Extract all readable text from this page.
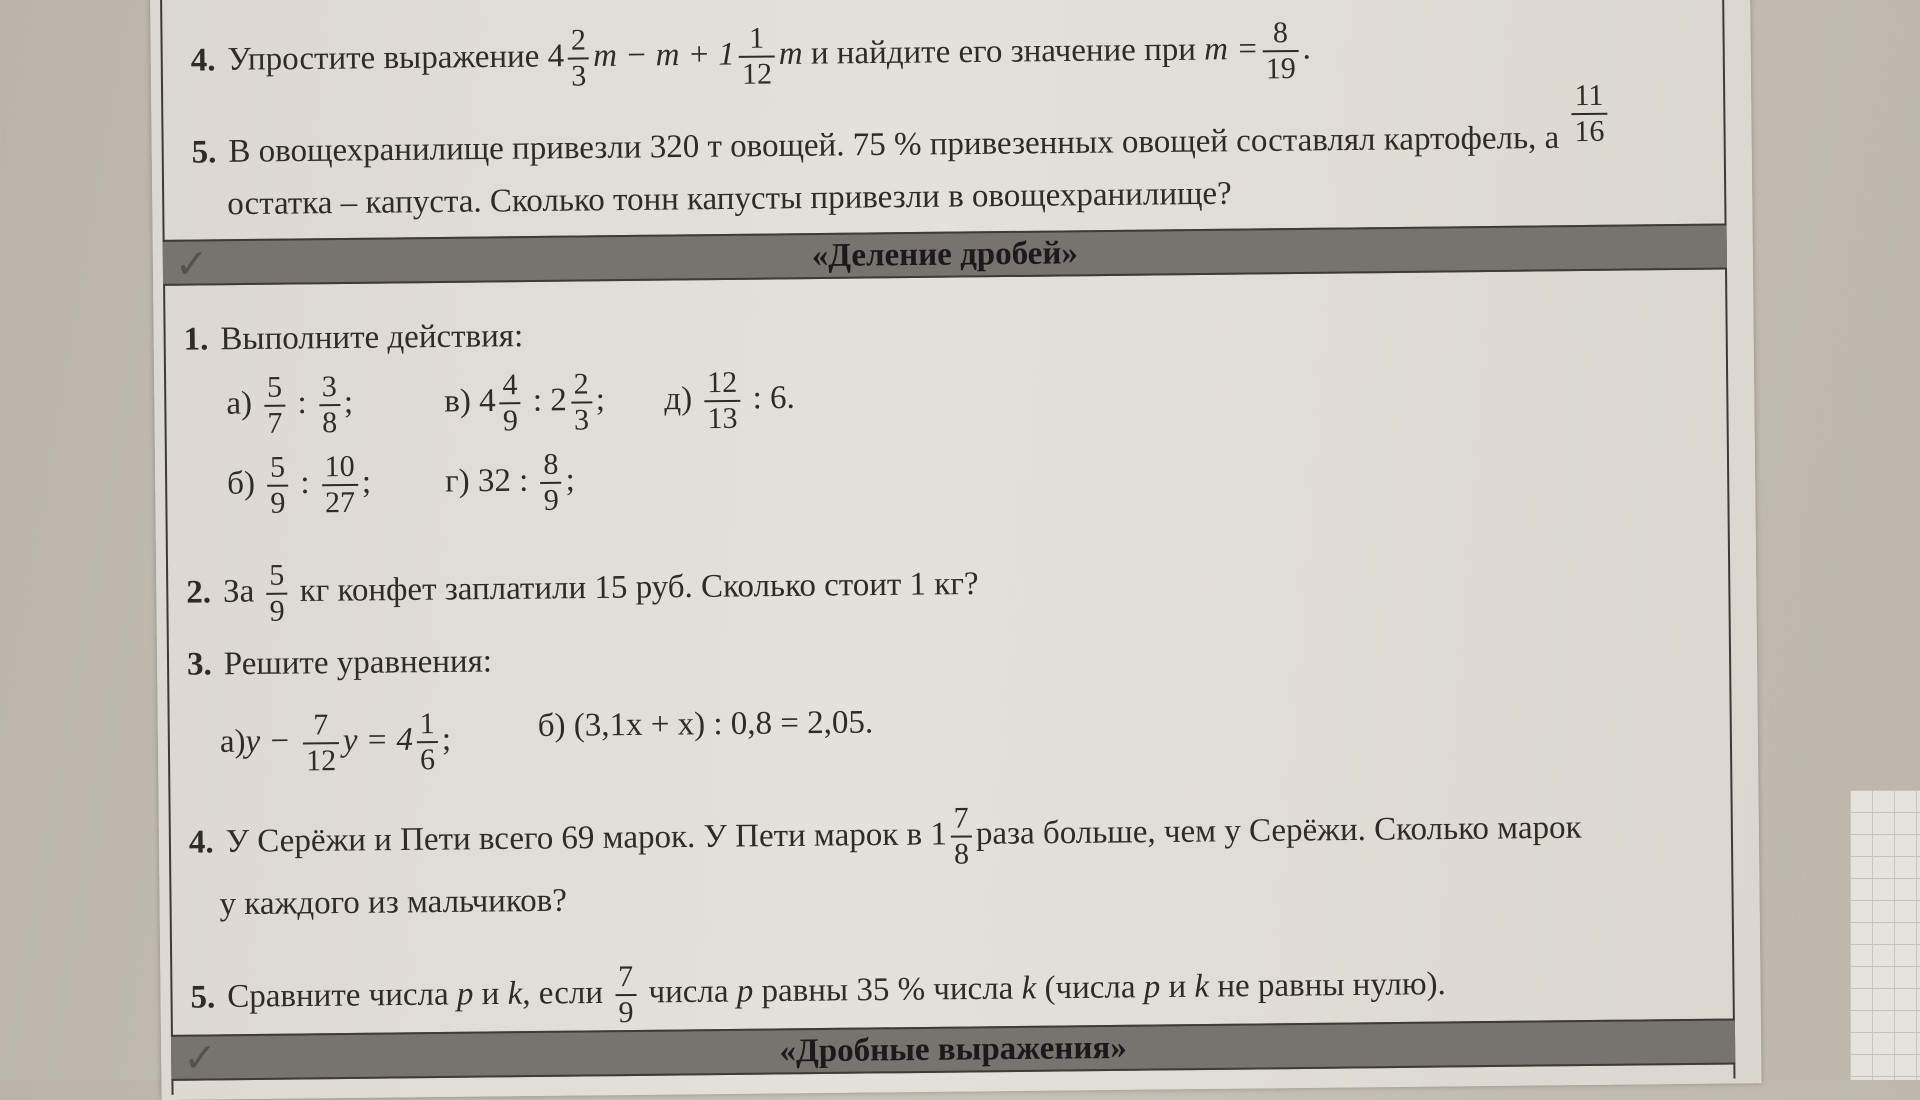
4. Упростите выражение $4 \frac{2}{3}$ $m - m + 1 \frac{1}{12}$ m и найдите его значение при $m = \frac{8}{19}$ .
5. В овощехранилище привезли 320 т овощей. 75 % привезенных овощей составлял картофель, а $\frac{11}{16}$
остатка – капуста. Сколько тонн капусты привезли в овощехранилище?
«Деление дробей»
✓
1. Выполните действия:
$а) \frac{5}{7}$ : $\frac{3}{8}$ ;	в) $4 \frac{4}{9}$ : $2 \frac{2}{3}$ ; $д) \frac{12}{13}$ : 6.
$б) \frac{5}{9}$ : $\frac{10}{27}$ ; г) 32 : $\frac{8}{9}$ ;
2. За $\frac{5}{9}$ кг конфет заплатили 15 руб. Сколько стоит 1 кг?
3. Решите уравнения:
$а)y - \frac{7}{12}$ $y = 4 \frac{1}{6}$ ;	б) (3,1x + x) : 0,8 = 2,05.
4. У Серёжи и Пети всего 69 марок. У Пети марок в $1 \frac{7}{8}$ раза больше, чем у Серёжи. Сколько марок
у каждого из мальчиков?
5. Сравните числа p и k, если $\frac{7}{9}$ числа p равны 35 % числа k (числа p и k не равны нулю).
«Дробные выражения»
✓
